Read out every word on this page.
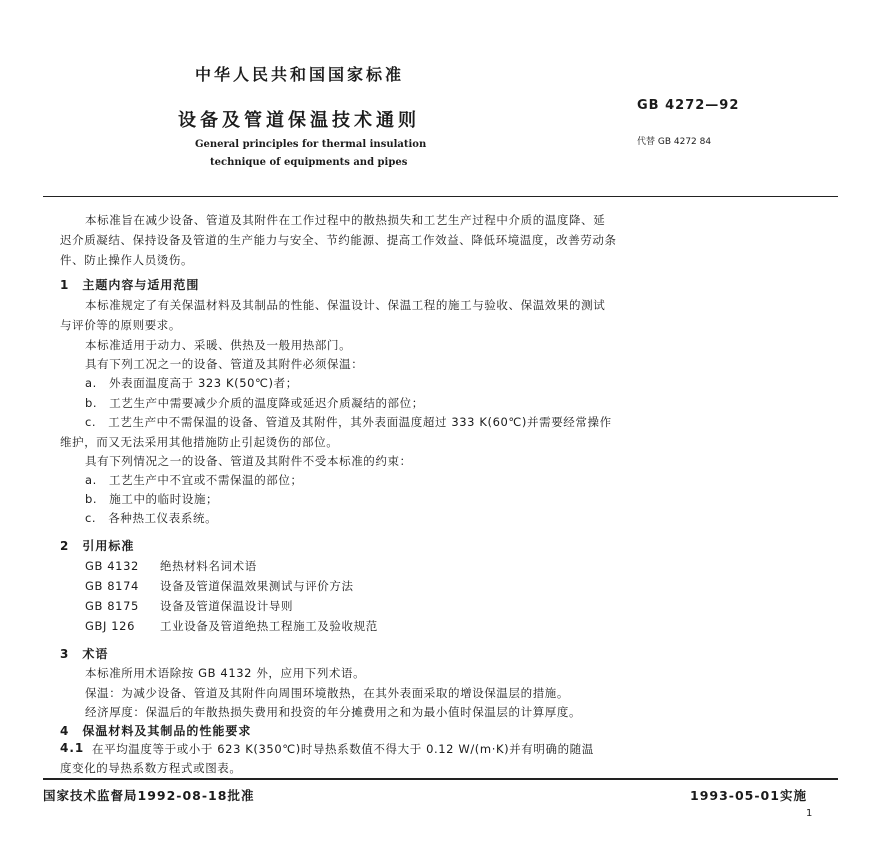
中华人民共和国国家标准
设备及管道保温技术通则
GB 4272—92
代替 GB 4272 84
General principles for thermal insulation
technique of equipments and pipes
本标准旨在减少设备、管道及其附件在工作过程中的散热损失和工艺生产过程中介质的温度降、延
迟介质凝结、保持设备及管道的生产能力与安全、节约能源、提高工作效益、降低环境温度，改善劳动条
件、防止操作人员烫伤。
1　主题内容与适用范围
本标准规定了有关保温材料及其制品的性能、保温设计、保温工程的施工与验收、保温效果的测试
与评价等的原则要求。
本标准适用于动力、采暖、供热及一般用热部门。
具有下列工况之一的设备、管道及其附件必须保温：
a.　外表面温度高于 323 K(50℃)者；
b.　工艺生产中需要减少介质的温度降或延迟介质凝结的部位；
c.　工艺生产中不需保温的设备、管道及其附件，其外表面温度超过 333 K(60℃)并需要经常操作
维护，而又无法采用其他措施防止引起烫伤的部位。
具有下列情况之一的设备、管道及其附件不受本标准的约束：
a.　工艺生产中不宜或不需保温的部位；
b.　施工中的临时设施；
c.　各种热工仪表系统。
2　引用标准
GB 4132 绝热材料名词术语
GB 8174 设备及管道保温效果测试与评价方法
GB 8175 设备及管道保温设计导则
GBJ 126 工业设备及管道绝热工程施工及验收规范
3　术语
本标准所用术语除按 GB 4132 外，应用下列术语。
保温：为减少设备、管道及其附件向周围环境散热，在其外表面采取的增设保温层的措施。
经济厚度：保温后的年散热损失费用和投资的年分摊费用之和为最小值时保温层的计算厚度。
4　保温材料及其制品的性能要求
4.1 在平均温度等于或小于 623 K(350℃)时导热系数值不得大于 0.12 W/(m·K)并有明确的随温
度变化的导热系数方程式或图表。
国家技术监督局1992-08-18批准	1993-05-01实施
1
